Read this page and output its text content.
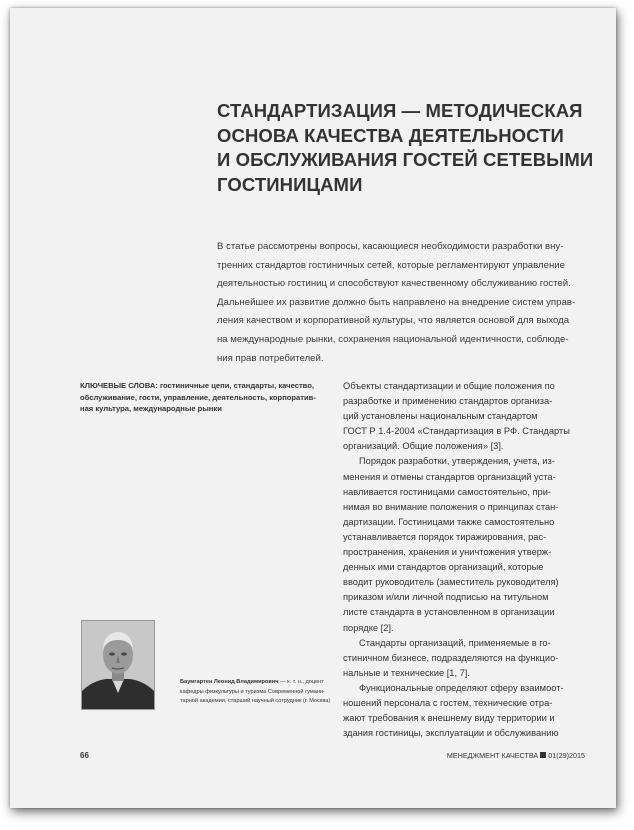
СТАНДАРТИЗАЦИЯ — МЕТОДИЧЕСКАЯ
ОСНОВА КАЧЕСТВА ДЕЯТЕЛЬНОСТИ
И ОБСЛУЖИВАНИЯ ГОСТЕЙ СЕТЕВЫМИ
ГОСТИНИЦАМИ
В статье рассмотрены вопросы, касающиеся необходимости разработки вну-
тренних стандартов гостиничных сетей, которые регламентируют управление
деятельностью гостиниц и способствуют качественному обслуживанию гостей.
Дальнейшее их развитие должно быть направлено на внедрение систем управ-
ления качеством и корпоративной культуры, что является основой для выхода
на международные рынки, сохранения национальной идентичности, соблюде-
ния прав потребителей.
КЛЮЧЕВЫЕ СЛОВА: гостиничные цепи, стандарты, качество,
обслуживание, гости, управление, деятельность, корпоратив-
ная культура, международные рынки
Объекты стандартизации и общие положения по
разработке и применению стандартов организа-
ций установлены национальным стандартом
ГОСТ Р 1.4-2004 «Стандартизация в РФ. Стандарты
организаций. Общие положения» [3].
Порядок разработки, утверждения, учета, из-
менения и отмены стандартов организаций уста-
навливается гостиницами самостоятельно, при-
нимая во внимание положения о принципах стан-
дартизации. Гостиницами также самостоятельно
устанавливается порядок тиражирования, рас-
пространения, хранения и уничтожения утверж-
денных ими стандартов организаций, которые
вводит руководитель (заместитель руководителя)
приказом и/или личной подписью на титульном
листе стандарта в установленном в организации
порядке [2].
Стандарты организаций, применяемые в го-
стиничном бизнесе, подразделяются на функцио-
нальные и технические [1, 7].
Функциональные определяют сферу взаимоот-
ношений персонала с гостем, технические отра-
жают требования к внешнему виду территории и
здания гостиницы, эксплуатации и обслуживанию
Баумгартен Леонид Владимирович — к. т. н., доцент
кафедры физкультуры и туризма Современной гумани-
тарной академии, старший научный сотрудник (г. Москва)
66	МЕНЕДЖМЕНТ КАЧЕСТВА 01(29)2015
